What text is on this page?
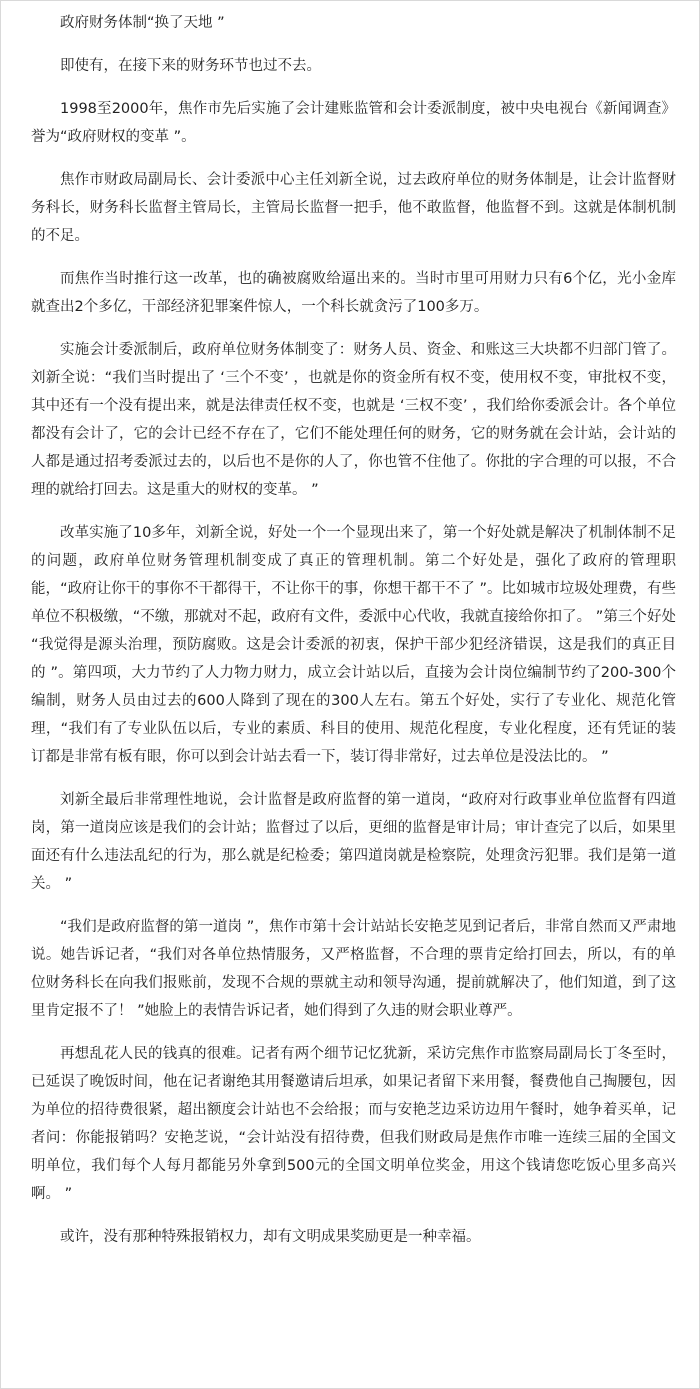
政府财务体制“换了天地 ”

即使有，在接下来的财务环节也过不去。

1998至2000年，焦作市先后实施了会计建账监管和会计委派制度，被中央电视台《新闻调查》誉为“政府财权的变革 ”。

焦作市财政局副局长、会计委派中心主任刘新全说，过去政府单位的财务体制是，让会计监督财务科长，财务科长监督主管局长，主管局长监督一把手，他不敢监督，他监督不到。这就是体制机制的不足。

而焦作当时推行这一改革，也的确被腐败给逼出来的。当时市里可用财力只有6个亿，光小金库就查出2个多亿，干部经济犯罪案件惊人，一个科长就贪污了100多万。

实施会计委派制后，政府单位财务体制变了：财务人员、资金、和账这三大块都不归部门管了。刘新全说：“我们当时提出了 ‘三个不变’ ，也就是你的资金所有权不变，使用权不变，审批权不变，其中还有一个没有提出来，就是法律责任权不变，也就是 ‘三权不变’ ，我们给你委派会计。各个单位都没有会计了，它的会计已经不存在了，它们不能处理任何的财务，它的财务就在会计站，会计站的人都是通过招考委派过去的，以后也不是你的人了，你也管不住他了。你批的字合理的可以报，不合理的就给打回去。这是重大的财权的变革。 ”

改革实施了10多年，刘新全说，好处一个一个显现出来了，第一个好处就是解决了机制体制不足的问题，政府单位财务管理机制变成了真正的管理机制。第二个好处是，强化了政府的管理职能，“政府让你干的事你不干都得干，不让你干的事，你想干都干不了 ”。比如城市垃圾处理费，有些单位不积极缴，“不缴，那就对不起，政府有文件，委派中心代收，我就直接给你扣了。 ”第三个好处 “我觉得是源头治理，预防腐败。这是会计委派的初衷，保护干部少犯经济错误，这是我们的真正目的 ”。第四项，大力节约了人力物力财力，成立会计站以后，直接为会计岗位编制节约了200-300个编制，财务人员由过去的600人降到了现在的300人左右。第五个好处，实行了专业化、规范化管理，“我们有了专业队伍以后，专业的素质、科目的使用、规范化程度，专业化程度，还有凭证的装订都是非常有板有眼，你可以到会计站去看一下，装订得非常好，过去单位是没法比的。 ”

刘新全最后非常理性地说，会计监督是政府监督的第一道岗，“政府对行政事业单位监督有四道岗，第一道岗应该是我们的会计站；监督过了以后，更细的监督是审计局；审计查完了以后，如果里面还有什么违法乱纪的行为，那么就是纪检委；第四道岗就是检察院，处理贪污犯罪。我们是第一道关。 ”

“我们是政府监督的第一道岗 ”，焦作市第十会计站站长安艳芝见到记者后，非常自然而又严肃地说。她告诉记者，“我们对各单位热情服务，又严格监督，不合理的票肯定给打回去，所以，有的单位财务科长在向我们报账前，发现不合规的票就主动和领导沟通，提前就解决了，他们知道，到了这里肯定报不了！ ”她脸上的表情告诉记者，她们得到了久违的财会职业尊严。

再想乱花人民的钱真的很难。记者有两个细节记忆犹新，采访完焦作市监察局副局长丁冬至时，已延误了晚饭时间，他在记者谢绝其用餐邀请后坦承，如果记者留下来用餐，餐费他自己掏腰包，因为单位的招待费很紧，超出额度会计站也不会给报；而与安艳芝边采访边用午餐时，她争着买单，记者问：你能报销吗？安艳芝说，“会计站没有招待费，但我们财政局是焦作市唯一连续三届的全国文明单位，我们每个人每月都能另外拿到500元的全国文明单位奖金，用这个钱请您吃饭心里多高兴啊。 ”

或许，没有那种特殊报销权力，却有文明成果奖励更是一种幸福。
